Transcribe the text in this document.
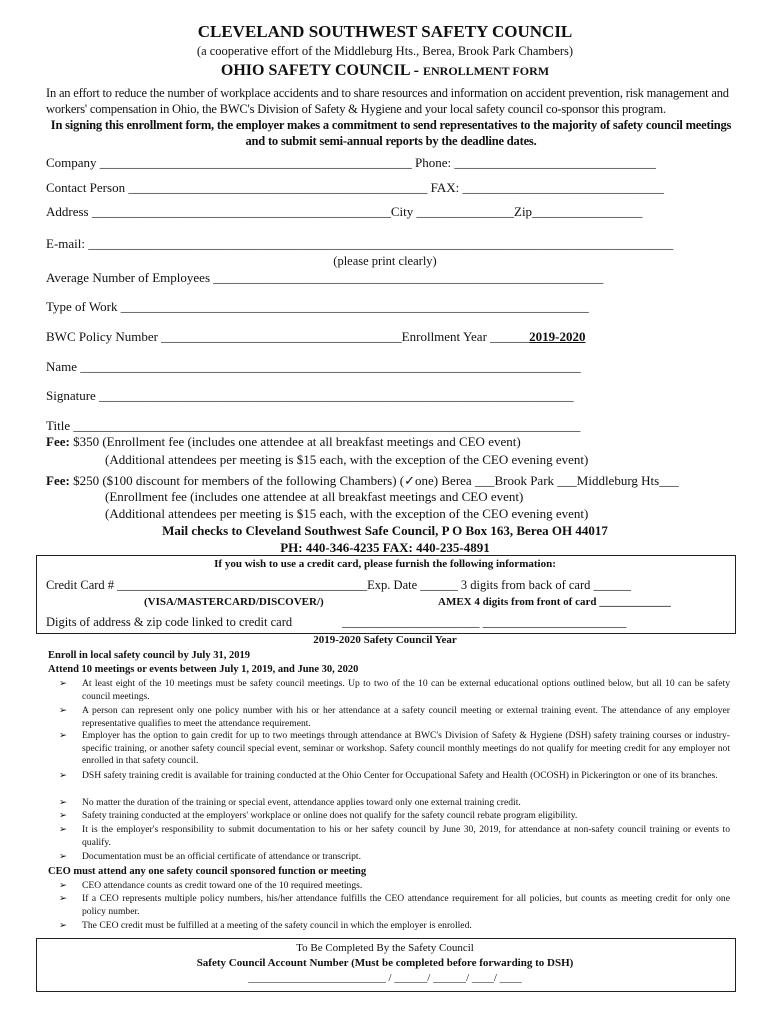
CLEVELAND SOUTHWEST SAFETY COUNCIL
(a cooperative effort of the Middleburg Hts., Berea, Brook Park Chambers)
OHIO SAFETY COUNCIL - ENROLLMENT FORM
In an effort to reduce the number of workplace accidents and to share resources and information on accident prevention, risk management and workers' compensation in Ohio, the BWC's Division of Safety & Hygiene and your local safety council co-sponsor this program.
In signing this enrollment form, the employer makes a commitment to send representatives to the majority of safety council meetings and to submit semi-annual reports by the deadline dates.
Company ________________________________________________ Phone: _______________________________
Contact Person ______________________________________________ FAX: _______________________________
Address ______________________________________________City _______________Zip_________________
E-mail: __________________________________________________________________________________________
(please print clearly)
Average Number of Employees ____________________________________________________________
Type of Work ________________________________________________________________________
BWC Policy Number _____________________________________Enrollment Year ______2019-2020
Name _____________________________________________________________________________
Signature _________________________________________________________________________
Title ______________________________________________________________________________
Fee: $350 (Enrollment fee (includes one attendee at all breakfast meetings and CEO event)
(Additional attendees per meeting is $15 each, with the exception of the CEO evening event)
Fee: $250 ($100 discount for members of the following Chambers) (✓one) Berea ___Brook Park ___Middleburg Hts___
(Enrollment fee (includes one attendee at all breakfast meetings and CEO event)
(Additional attendees per meeting is $15 each, with the exception of the CEO evening event)
Mail checks to Cleveland Southwest Safe Council, P O Box 163, Berea OH 44017
PH: 440-346-4235 FAX: 440-235-4891
If you wish to use a credit card, please furnish the following information:
Credit Card # ________________________________________Exp. Date ______ 3 digits from back of card ______
(VISA/MASTERCARD/DISCOVER/)	AMEX 4 digits from front of card _____________
Digits of address & zip code linked to credit card	______________________ _______________________
2019-2020 Safety Council Year
Enroll in local safety council by July 31, 2019
Attend 10 meetings or events between July 1, 2019, and June 30, 2020
➢ At least eight of the 10 meetings must be safety council meetings. Up to two of the 10 can be external educational options outlined below, but all 10 can be safety council meetings.
➢ A person can represent only one policy number with his or her attendance at a safety council meeting or external training event. The attendance of any employer representative qualifies to meet the attendance requirement.
➢ Employer has the option to gain credit for up to two meetings through attendance at BWC's Division of Safety & Hygiene (DSH) safety training courses or industry-specific training, or another safety council special event, seminar or workshop. Safety council monthly meetings do not qualify for meeting credit for any employer not enrolled in that safety council.
➢ DSH safety training credit is available for training conducted at the Ohio Center for Occupational Safety and Health (OCOSH) in Pickerington or one of its branches.
➢ No matter the duration of the training or special event, attendance applies toward only one external training credit.
➢ Safety training conducted at the employers' workplace or online does not qualify for the safety council rebate program eligibility.
➢ It is the employer's responsibility to submit documentation to his or her safety council by June 30, 2019, for attendance at non-safety council training or events to qualify.
➢ Documentation must be an official certificate of attendance or transcript.
CEO must attend any one safety council sponsored function or meeting
➢ CEO attendance counts as credit toward one of the 10 required meetings.
➢ If a CEO represents multiple policy numbers, his/her attendance fulfills the CEO attendance requirement for all policies, but counts as meeting credit for only one policy number.
➢ The CEO credit must be fulfilled at a meeting of the safety council in which the employer is enrolled.
To Be Completed By the Safety Council
Safety Council Account Number (Must be completed before forwarding to DSH)
_________________________ / ______/ ______/ ____/ ____
